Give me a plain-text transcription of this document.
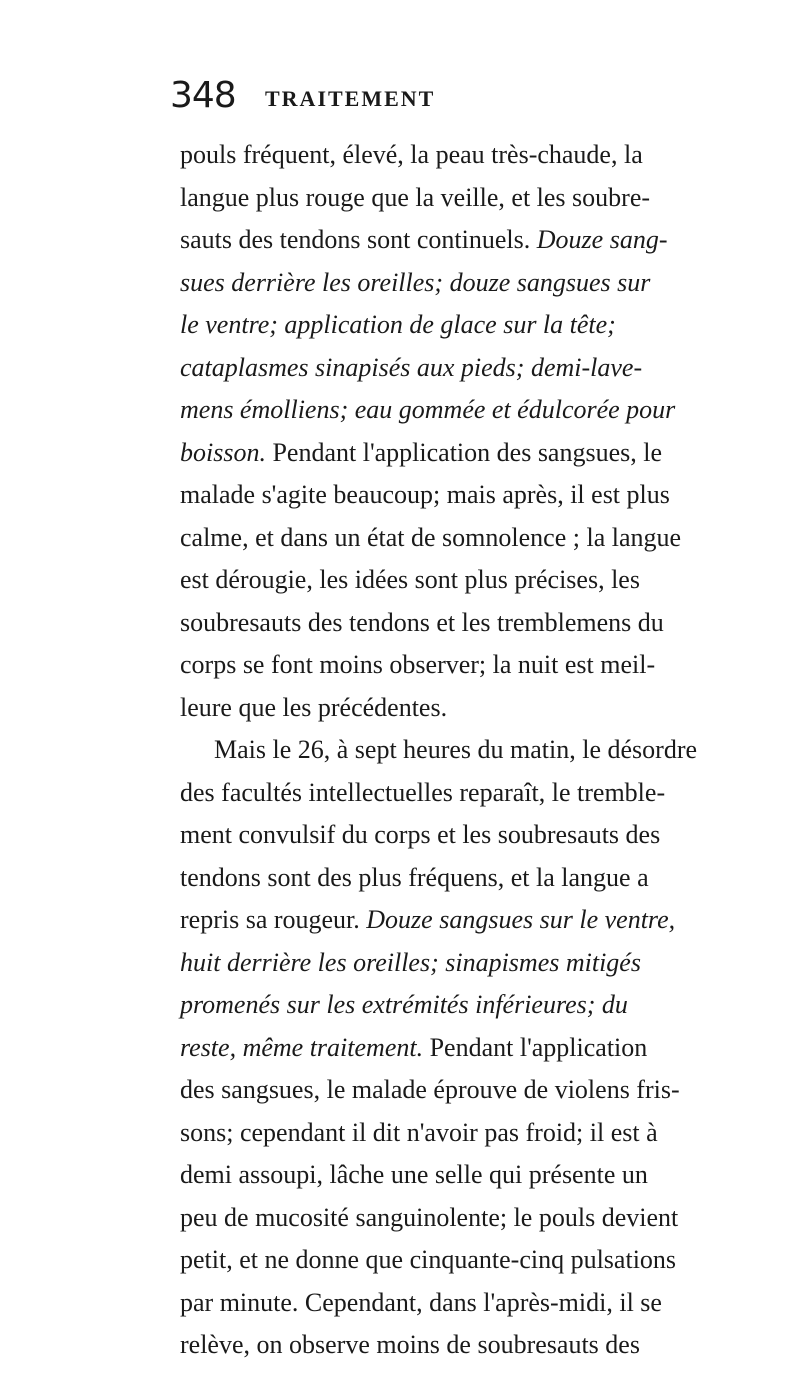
348 TRAITEMENT
pouls fréquent, élevé, la peau très-chaude, la
langue plus rouge que la veille, et les soubre-
sauts des tendons sont continuels. Douze sang-
sues derrière les oreilles; douze sangsues sur
le ventre; application de glace sur la tête;
cataplasmes sinapisés aux pieds; demi-lave-
mens émolliens; eau gommée et édulcorée pour
boisson. Pendant l'application des sangsues, le
malade s'agite beaucoup; mais après, il est plus
calme, et dans un état de somnolence ; la langue
est dérougie, les idées sont plus précises, les
soubresauts des tendons et les tremblemens du
corps se font moins observer; la nuit est meil-
leure que les précédentes.
Mais le 26, à sept heures du matin, le désordre
des facultés intellectuelles reparaît, le tremble-
ment convulsif du corps et les soubresauts des
tendons sont des plus fréquens, et la langue a
repris sa rougeur. Douze sangsues sur le ventre,
huit derrière les oreilles; sinapismes mitigés
promenés sur les extrémités inférieures; du
reste, même traitement. Pendant l'application
des sangsues, le malade éprouve de violens fris-
sons; cependant il dit n'avoir pas froid; il est à
demi assoupi, lâche une selle qui présente un
peu de mucosité sanguinolente; le pouls devient
petit, et ne donne que cinquante-cinq pulsations
par minute. Cependant, dans l'après-midi, il se
relève, on observe moins de soubresauts des
